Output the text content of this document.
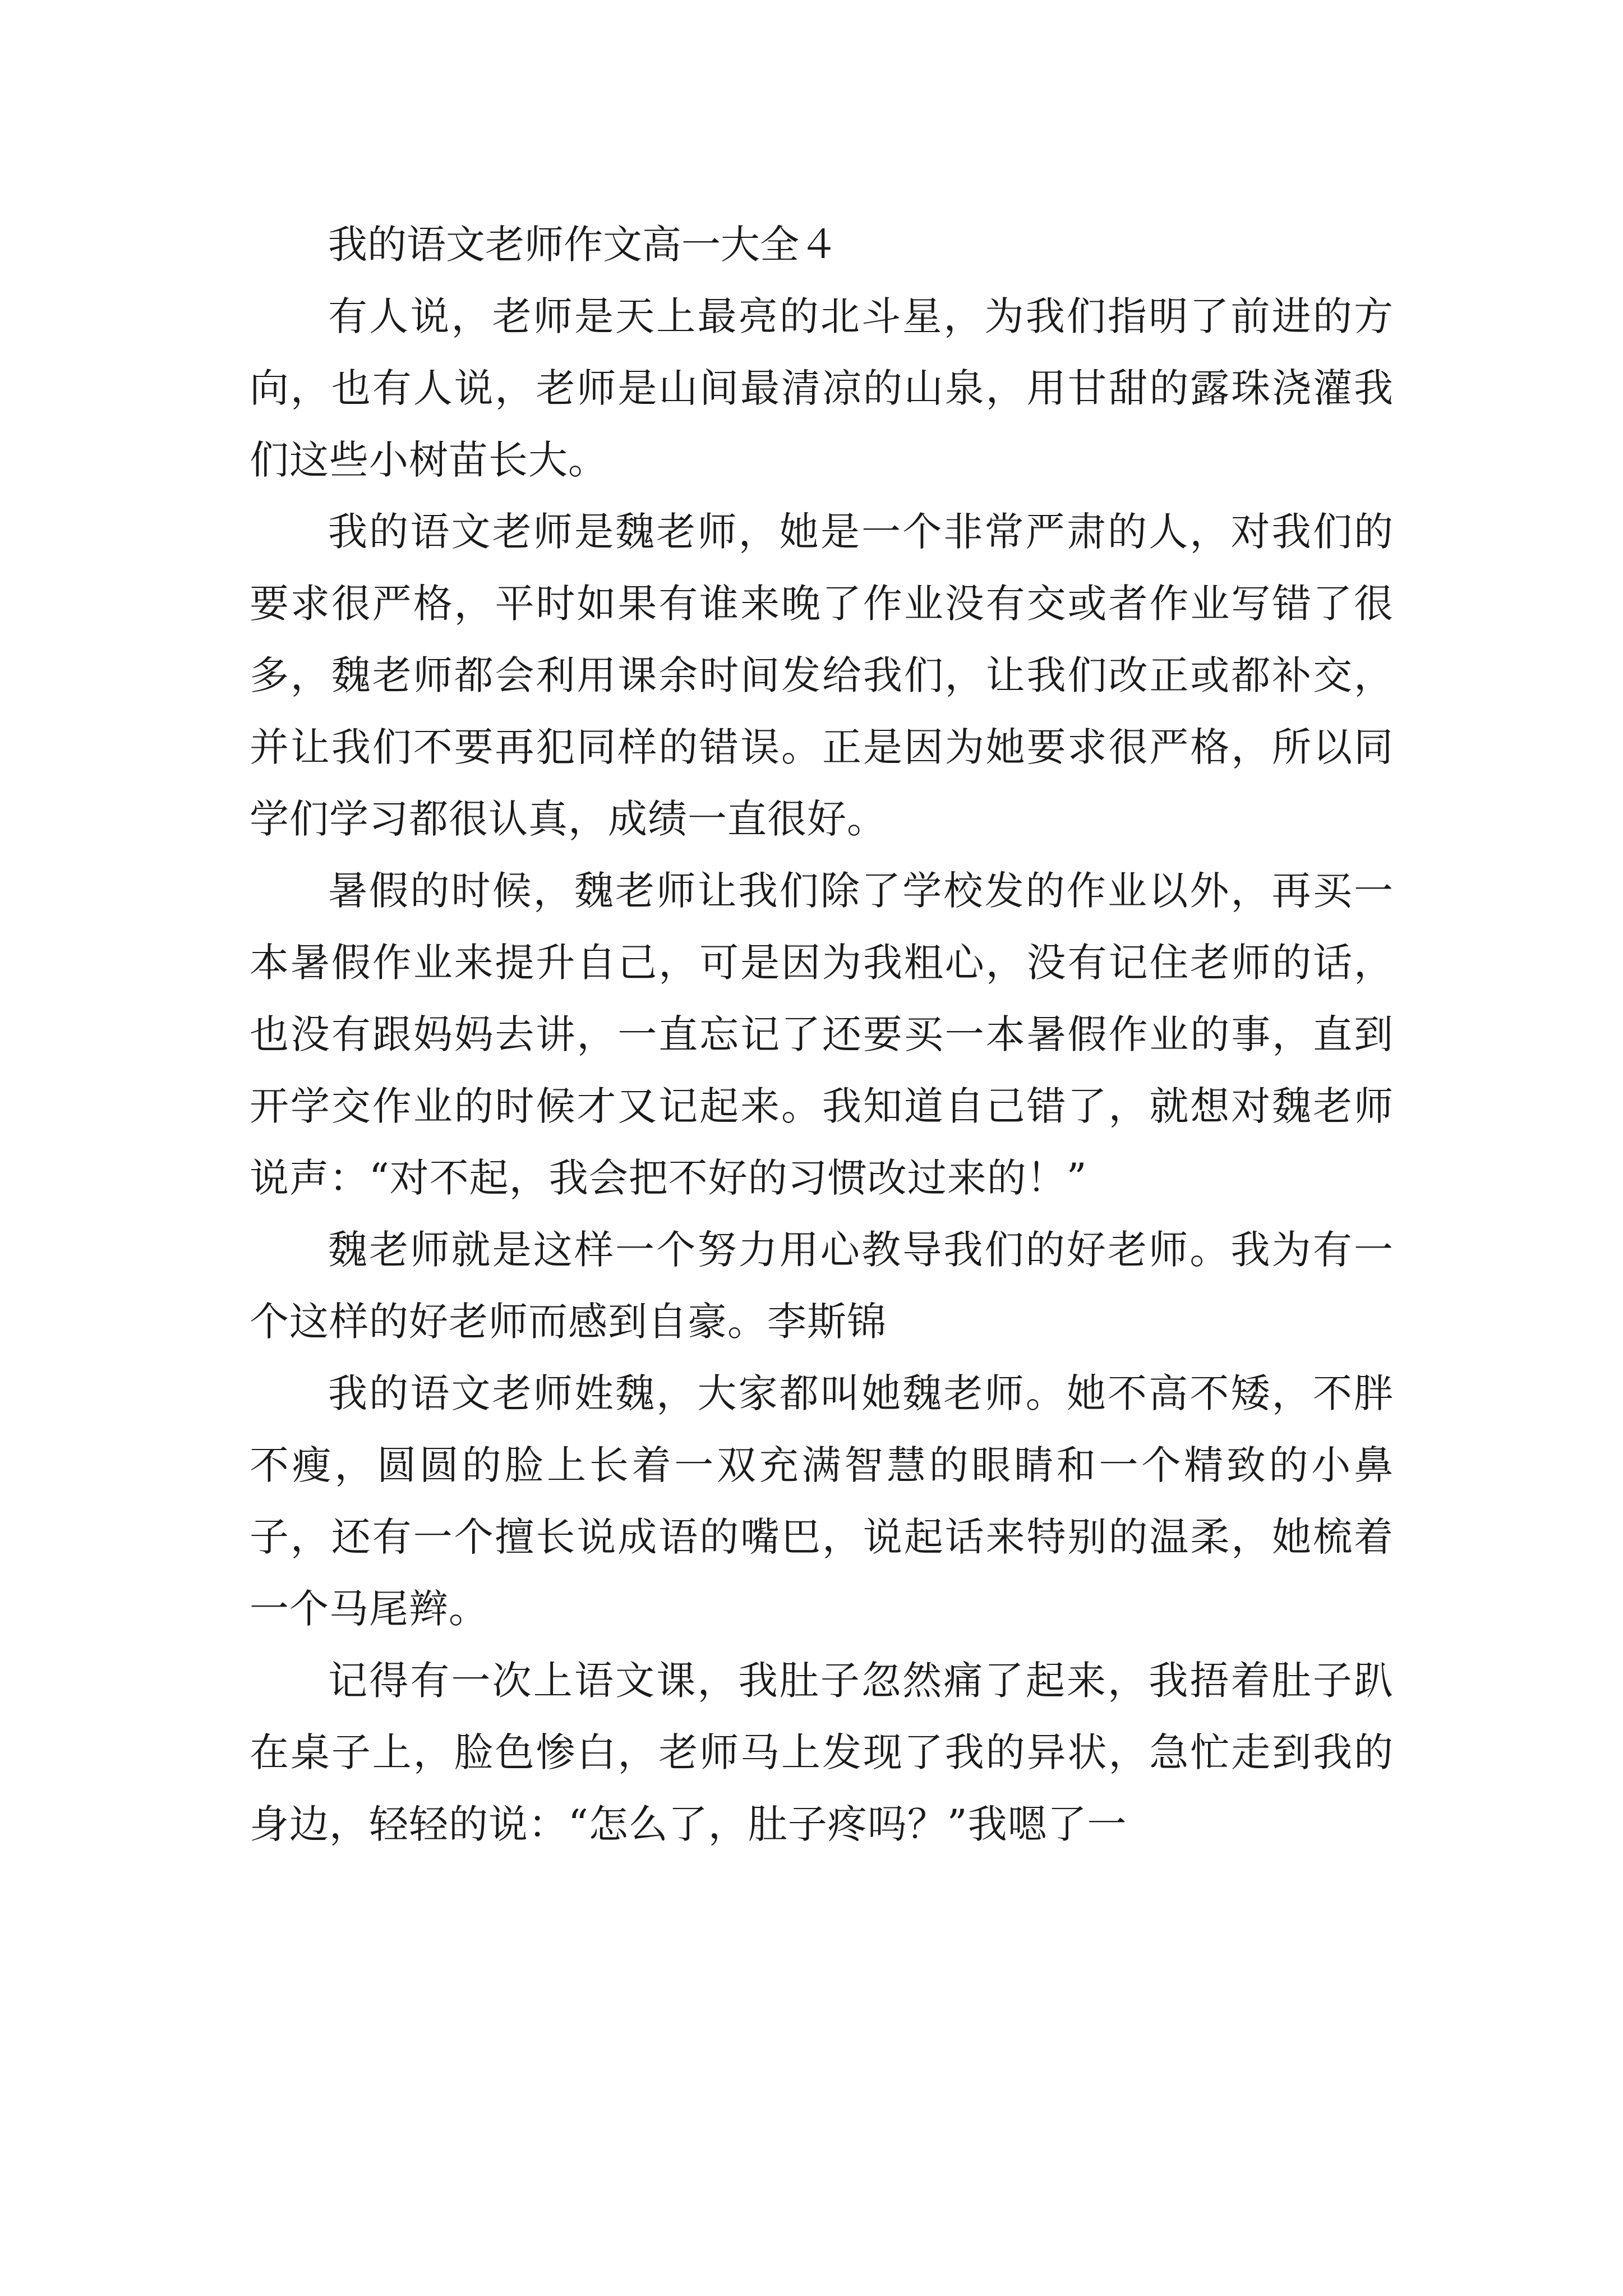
我的语文老师作文高一大全４

有人说，老师是天上最亮的北斗星，为我们指明了前进的方向，也有人说，老师是山间最清凉的山泉，用甘甜的露珠浇灌我们这些小树苗长大。

我的语文老师是魏老师，她是一个非常严肃的人，对我们的要求很严格，平时如果有谁来晚了作业没有交或者作业写错了很多，魏老师都会利用课余时间发给我们，让我们改正或都补交，并让我们不要再犯同样的错误。正是因为她要求很严格，所以同学们学习都很认真，成绩一直很好。

暑假的时候，魏老师让我们除了学校发的作业以外，再买一本暑假作业来提升自己，可是因为我粗心，没有记住老师的话，也没有跟妈妈去讲，一直忘记了还要买一本暑假作业的事，直到开学交作业的时候才又记起来。我知道自己错了，就想对魏老师说声：“对不起，我会把不好的习惯改过来的！”

魏老师就是这样一个努力用心教导我们的好老师。我为有一个这样的好老师而感到自豪。李斯锦

我的语文老师姓魏，大家都叫她魏老师。她不高不矮，不胖不瘦，圆圆的脸上长着一双充满智慧的眼睛和一个精致的小鼻子，还有一个擅长说成语的嘴巴，说起话来特别的温柔，她梳着一个马尾辫。

记得有一次上语文课，我肚子忽然痛了起来，我捂着肚子趴在桌子上，脸色惨白，老师马上发现了我的异状，急忙走到我的身边，轻轻的说：“怎么了，肚子疼吗？”我嗯了一
